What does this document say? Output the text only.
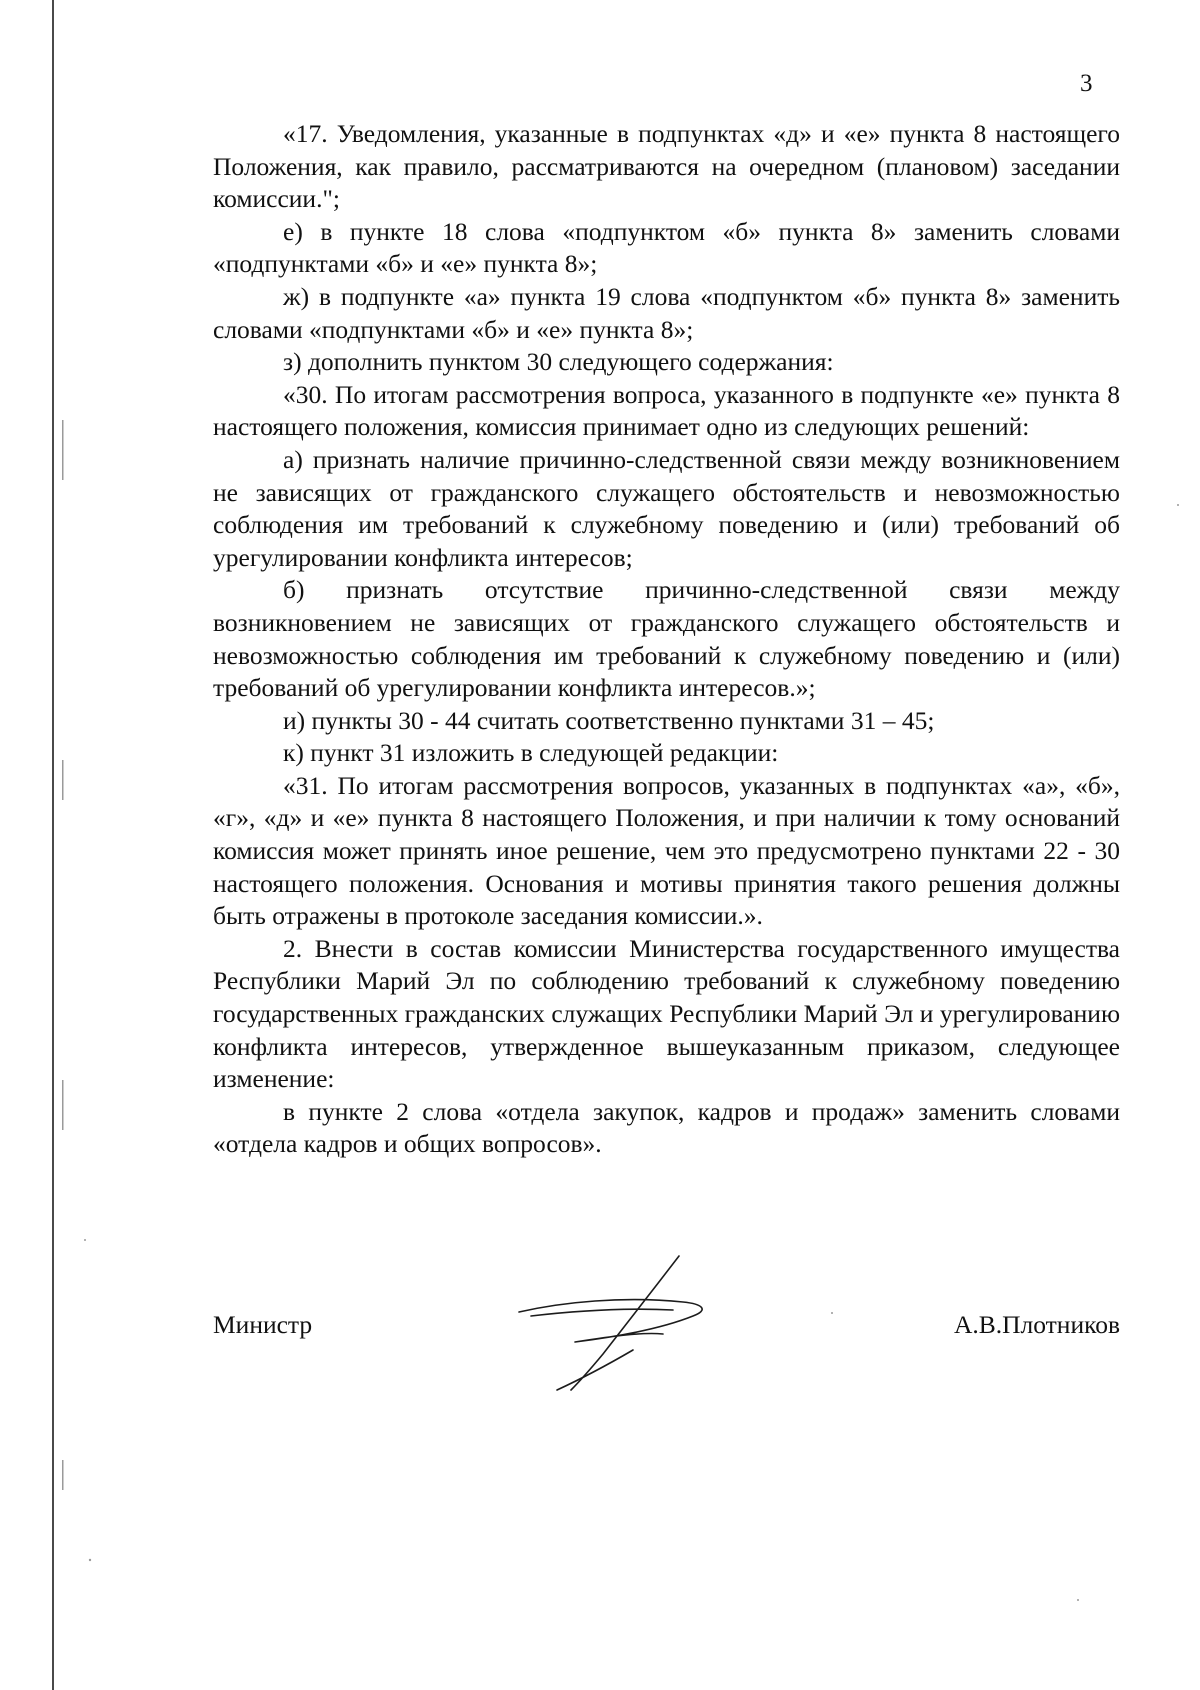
3

«17. Уведомления, указанные в подпунктах «д» и «е» пункта 8 настоящего Положения, как правило, рассматриваются на очередном (плановом) заседании комиссии.";

е) в пункте 18 слова «подпунктом «б» пункта 8» заменить словами «подпунктами «б» и «е» пункта 8»;

ж) в подпункте «а» пункта 19 слова «подпунктом «б» пункта 8» заменить словами «подпунктами «б» и «е» пункта 8»;

з) дополнить пунктом 30 следующего содержания:

«30. По итогам рассмотрения вопроса, указанного в подпункте «е» пункта 8 настоящего положения, комиссия принимает одно из следующих решений:

а) признать наличие причинно-следственной связи между возникновением не зависящих от гражданского служащего обстоятельств и невозможностью соблюдения им требований к служебному поведению и (или) требований об урегулировании конфликта интересов;

б) признать отсутствие причинно-следственной связи между возникновением не зависящих от гражданского служащего обстоятельств и невозможностью соблюдения им требований к служебному поведению и (или) требований об урегулировании конфликта интересов.»;

и) пункты 30 - 44 считать соответственно пунктами 31 – 45;

к) пункт 31 изложить в следующей редакции:

«31. По итогам рассмотрения вопросов, указанных в подпунктах «а», «б», «г», «д» и «е» пункта 8 настоящего Положения, и при наличии к тому оснований комиссия может принять иное решение, чем это предусмотрено пунктами 22 - 30 настоящего положения. Основания и мотивы принятия такого решения должны быть отражены в протоколе заседания комиссии.».

2. Внести в состав комиссии Министерства государственного имущества Республики Марий Эл по соблюдению требований к служебному поведению государственных гражданских служащих Республики Марий Эл и урегулированию конфликта интересов, утвержденное вышеуказанным приказом, следующее изменение:

в пункте 2 слова «отдела закупок, кадров и продаж» заменить словами «отдела кадров и общих вопросов».

Министр	А.В.Плотников
